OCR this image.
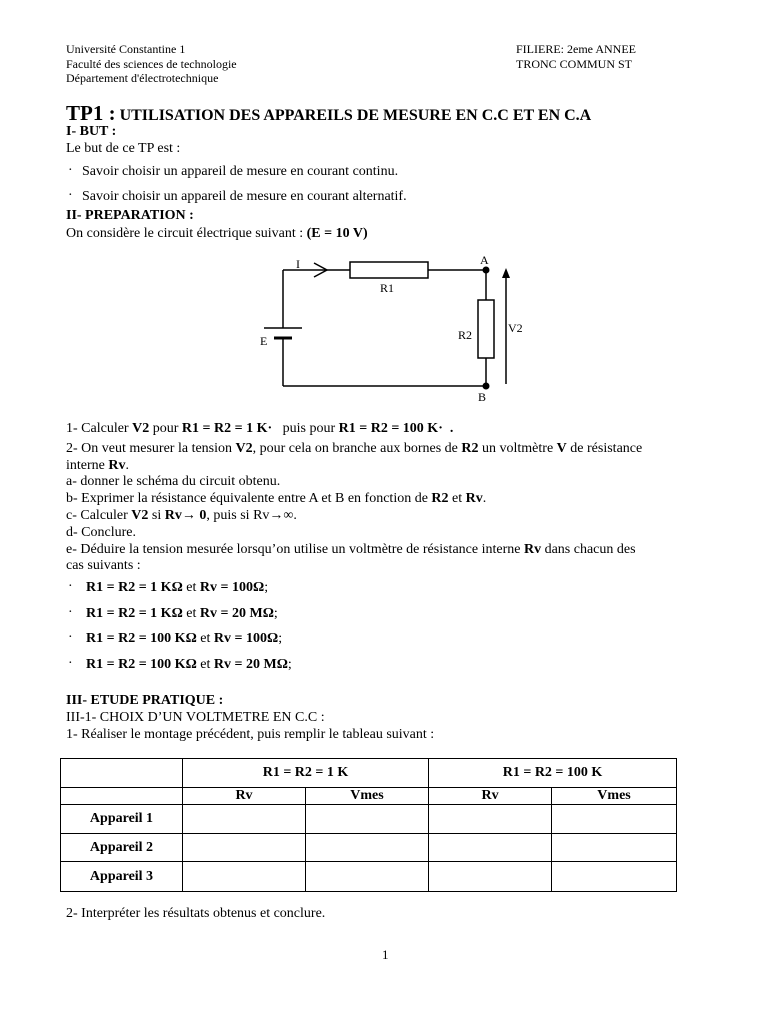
Université Constantine 1
Faculté des sciences de technologie
Département d'électrotechnique
FILIERE: 2eme ANNEE
TRONC COMMUN ST
TP1 : UTILISATION DES APPAREILS DE MESURE EN C.C ET EN C.A
I- BUT :
Le but de ce TP est :
· Savoir choisir un appareil de mesure en courant continu.
· Savoir choisir un appareil de mesure en courant alternatif.
II- PREPARATION :
On considère le circuit électrique suivant : (E = 10 V)
I
R1
R2
E
A
B
V2
1- Calculer V2 pour R1 = R2 = 1 K·   puis pour R1 = R2 = 100 K·  .
2- On veut mesurer la tension V2, pour cela on branche aux bornes de R2 un voltmètre V de résistance
interne Rv.
a- donner le schéma du circuit obtenu.
b- Exprimer la résistance équivalente entre A et B en fonction de R2 et Rv.
c- Calculer V2 si Rv→ 0, puis si Rv→∞.
d- Conclure.
e- Déduire la tension mesurée lorsqu’on utilise un voltmètre de résistance interne Rv dans chacun des
cas suivants :
· R1 = R2 = 1 KΩ et Rv = 100Ω;
· R1 = R2 = 1 KΩ et Rv = 20 MΩ;
· R1 = R2 = 100 KΩ et Rv = 100Ω;
· R1 = R2 = 100 KΩ et Rv = 20 MΩ;
III- ETUDE PRATIQUE :
III-1- CHOIX D’UN VOLTMETRE EN C.C :
1- Réaliser le montage précédent, puis remplir le tableau suivant :
	R1 = R2 = 1 K		R1 = R2 = 100 K	
	Rv	Vmes	Rv	Vmes
Appareil 1				
Appareil 2				
Appareil 3				
2- Interpréter les résultats obtenus et conclure.
1
